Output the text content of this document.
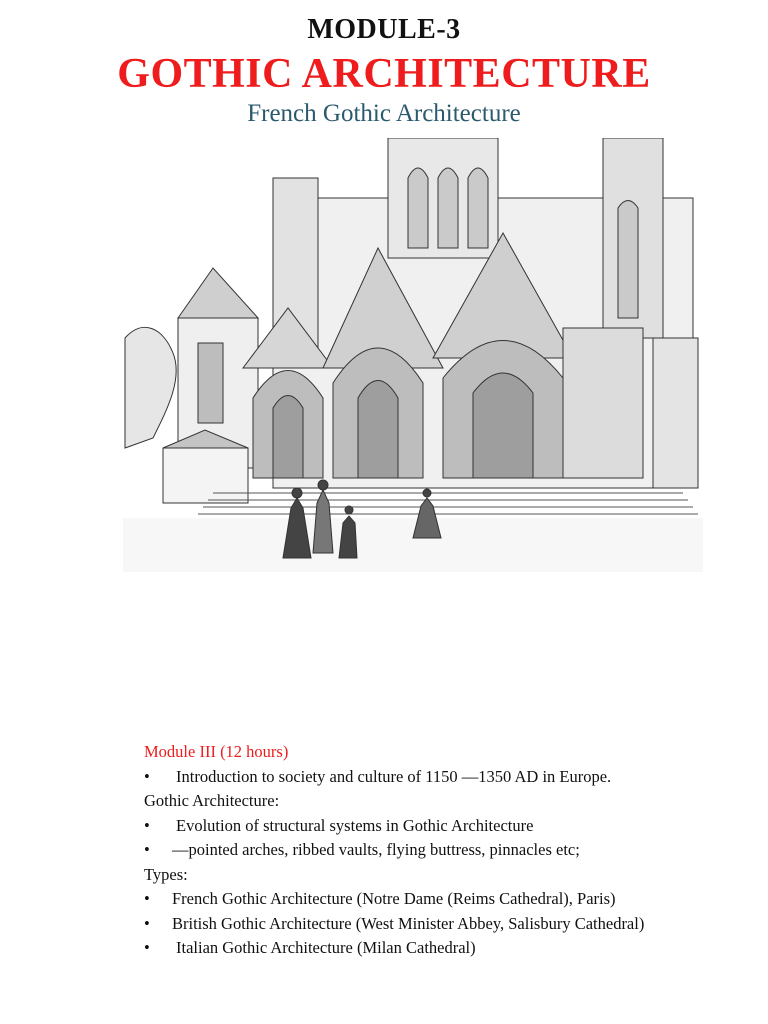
MODULE-3
GOTHIC ARCHITECTURE
French Gothic Architecture
Module III (12 hours)
•	Introduction to society and culture of 1150 —1350 AD in Europe.
Gothic Architecture:
•	Evolution of structural systems in Gothic Architecture
•	—pointed arches, ribbed vaults, flying buttress, pinnacles etc;
Types:
•	French Gothic Architecture (Notre Dame (Reims Cathedral), Paris)
•	British Gothic Architecture (West Minister Abbey, Salisbury Cathedral)
•	Italian Gothic Architecture (Milan Cathedral)
